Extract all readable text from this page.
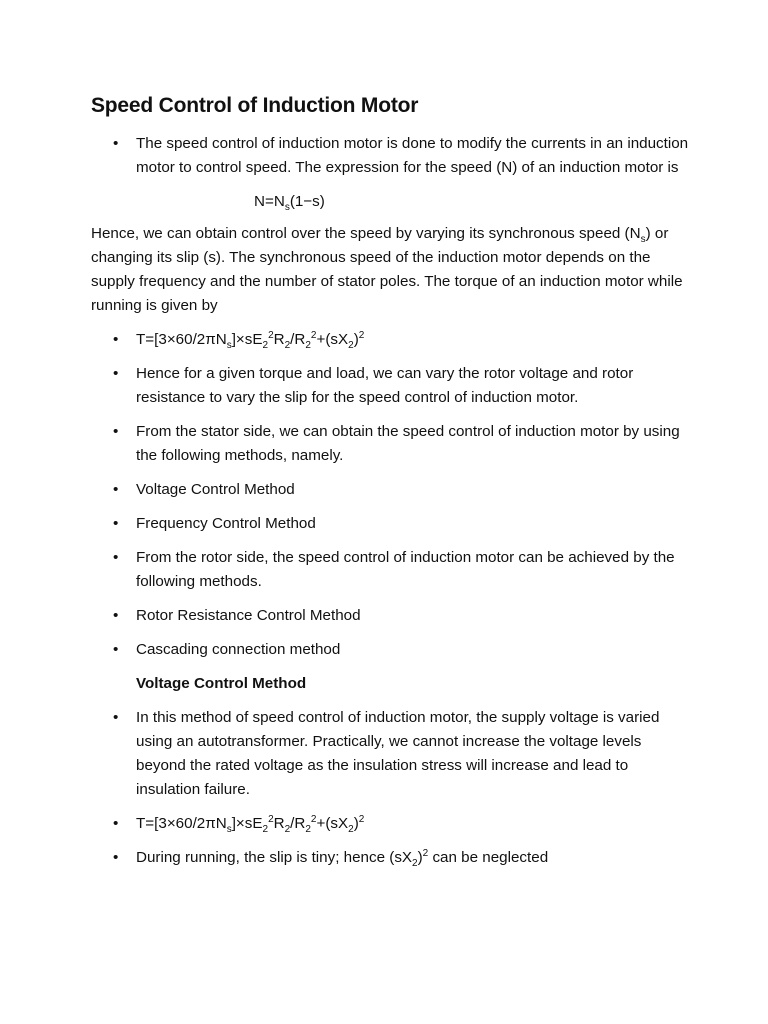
Speed Control of Induction Motor
• The speed control of induction motor is done to modify the currents in an induction motor to control speed. The expression for the speed (N) of an induction motor is
$N=N_s(1-s)$
Hence, we can obtain control over the speed by varying its synchronous speed $(N_s)$ or changing its slip (s). The synchronous speed of the induction motor depends on the supply frequency and the number of stator poles. The torque of an induction motor while running is given by
• $T=[3\times 60/2\pi N_s]\times sE_2^2R_2/R_2^2+(sX_2)^2$
• Hence for a given torque and load, we can vary the rotor voltage and rotor resistance to vary the slip for the speed control of induction motor.
• From the stator side, we can obtain the speed control of induction motor by using the following methods, namely.
• Voltage Control Method
• Frequency Control Method
• From the rotor side, the speed control of induction motor can be achieved by the following methods.
• Rotor Resistance Control Method
• Cascading connection method
Voltage Control Method
• In this method of speed control of induction motor, the supply voltage is varied using an autotransformer. Practically, we cannot increase the voltage levels beyond the rated voltage as the insulation stress will increase and lead to insulation failure.
• $T=[3\times 60/2\pi N_s]\times sE_2^2R_2/R_2^2+(sX_2)^2$
• During running, the slip is tiny; hence $(sX_2)^2$ can be neglected
